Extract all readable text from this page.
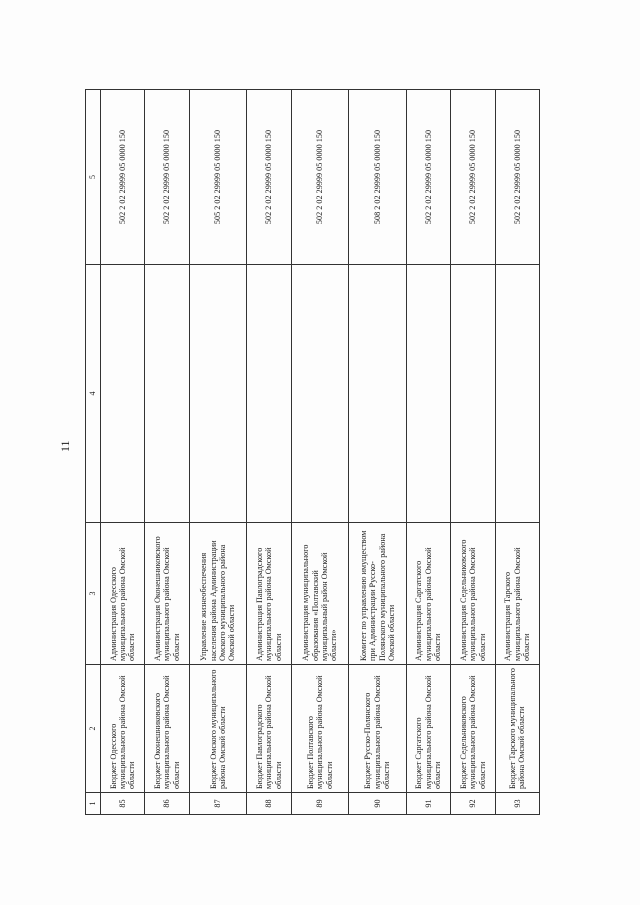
11
1	2	3	4	5
85	Бюджет Одесского муниципального района Омской области	Администрация Одесского муниципального района Омской области		502 2 02 29999 05 0000 150
86	Бюджет Оконешниковского муниципального района Омской области	Администрация Оконешниковского муниципального района Омской области		502 2 02 29999 05 0000 150
87	Бюджет Омского муниципального района Омской области	Управление жизнеобеспечения населения района Администрации Омского муниципального района Омской области		505 2 02 29999 05 0000 150
88	Бюджет Павлоградского муниципального района Омской области	Администрация Павлоградского муниципального района Омской области		502 2 02 29999 05 0000 150
89	Бюджет Полтавского муниципального района Омской области	Администрация муниципального образования «Полтавский муниципальный район Омской области»		502 2 02 29999 05 0000 150
90	Бюджет Русско-Полянского муниципального района Омской области	Комитет по управлению имуществом при Администрации Русско-Полянского муниципального района Омской области		508 2 02 29999 05 0000 150
91	Бюджет Саргатского муниципального района Омской области	Администрация Саргатского муниципального района Омской области		502 2 02 29999 05 0000 150
92	Бюджет Седельниковского муниципального района Омской области	Администрация Седельниковского муниципального района Омской области		502 2 02 29999 05 0000 150
93	Бюджет Тарского муниципального района Омской области	Администрация Тарского муниципального района Омской области		502 2 02 29999 05 0000 150
